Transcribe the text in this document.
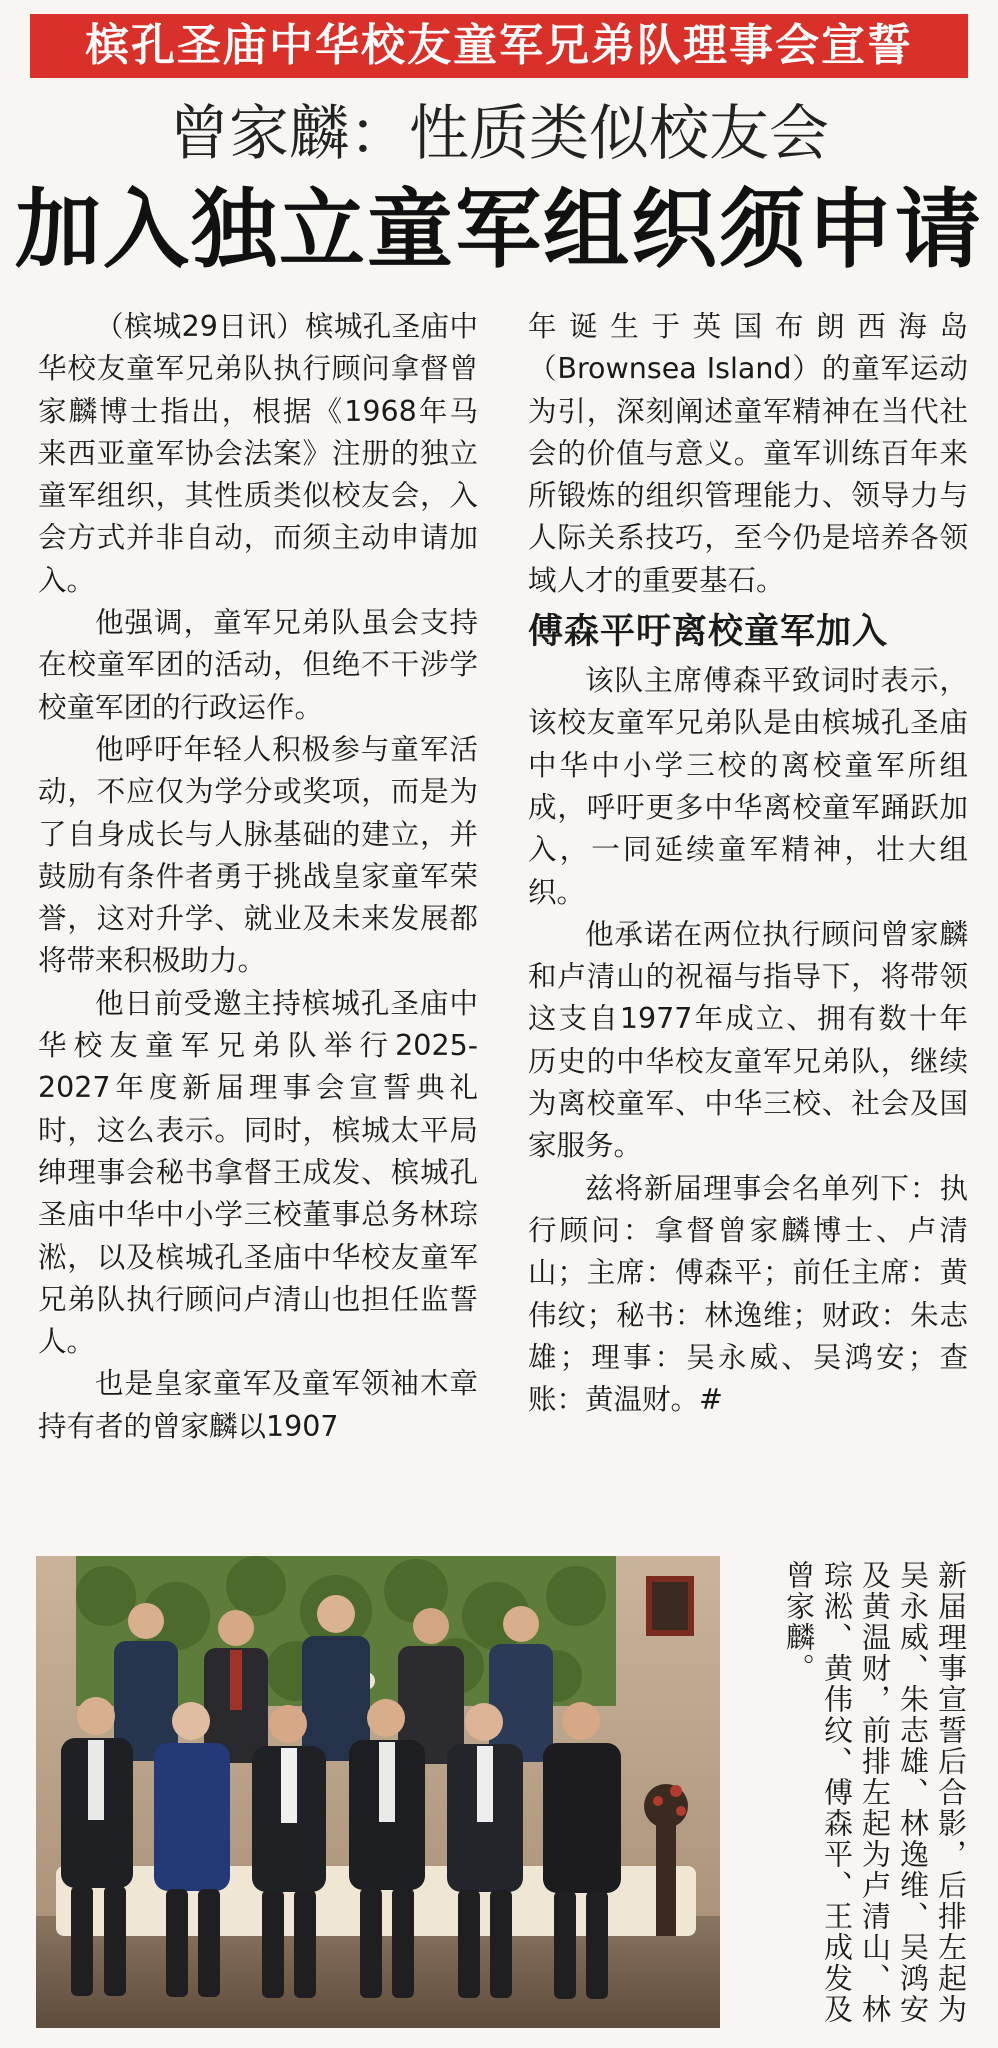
槟孔圣庙中华校友童军兄弟队理事会宣誓
曾家麟：性质类似校友会
加入独立童军组织须申请

（槟城29日讯）槟城孔圣庙中华校友童军兄弟队执行顾问拿督曾家麟博士指出，根据《1968年马来西亚童军协会法案》注册的独立童军组织，其性质类似校友会，入会方式并非自动，而须主动申请加入。

他强调，童军兄弟队虽会支持在校童军团的活动，但绝不干涉学校童军团的行政运作。

他呼吁年轻人积极参与童军活动，不应仅为学分或奖项，而是为了自身成长与人脉基础的建立，并鼓励有条件者勇于挑战皇家童军荣誉，这对升学、就业及未来发展都将带来积极助力。

他日前受邀主持槟城孔圣庙中华校友童军兄弟队举行2025-2027年度新届理事会宣誓典礼时，这么表示。同时，槟城太平局绅理事会秘书拿督王成发、槟城孔圣庙中华中小学三校董事总务林琮淞，以及槟城孔圣庙中华校友童军兄弟队执行顾问卢清山也担任监誓人。

也是皇家童军及童军领袖木章持有者的曾家麟以1907

年诞生于英国布朗西海岛（Brownsea Island）的童军运动为引，深刻阐述童军精神在当代社会的价值与意义。童军训练百年来所锻炼的组织管理能力、领导力与人际关系技巧，至今仍是培养各领域人才的重要基石。

傅森平吁离校童军加入

该队主席傅森平致词时表示，该校友童军兄弟队是由槟城孔圣庙中华中小学三校的离校童军所组成，呼吁更多中华离校童军踊跃加入，一同延续童军精神，壮大组织。

他承诺在两位执行顾问曾家麟和卢清山的祝福与指导下，将带领这支自1977年成立、拥有数十年历史的中华校友童军兄弟队，继续为离校童军、中华三校、社会及国家服务。

兹将新届理事会名单列下：执行顾问：拿督曾家麟博士、卢清山；主席：傅森平；前任主席：黄伟纹；秘书：林逸维；财政：朱志雄；理事：吴永威、吴鸿安；查账：黄温财。#

新届理事宣誓后合影，后排左起为吴永威、朱志雄、林逸维、吴鸿安及黄温财，前排左起为卢清山、林琮淞、黄伟纹、傅森平、王成发及曾家麟。
